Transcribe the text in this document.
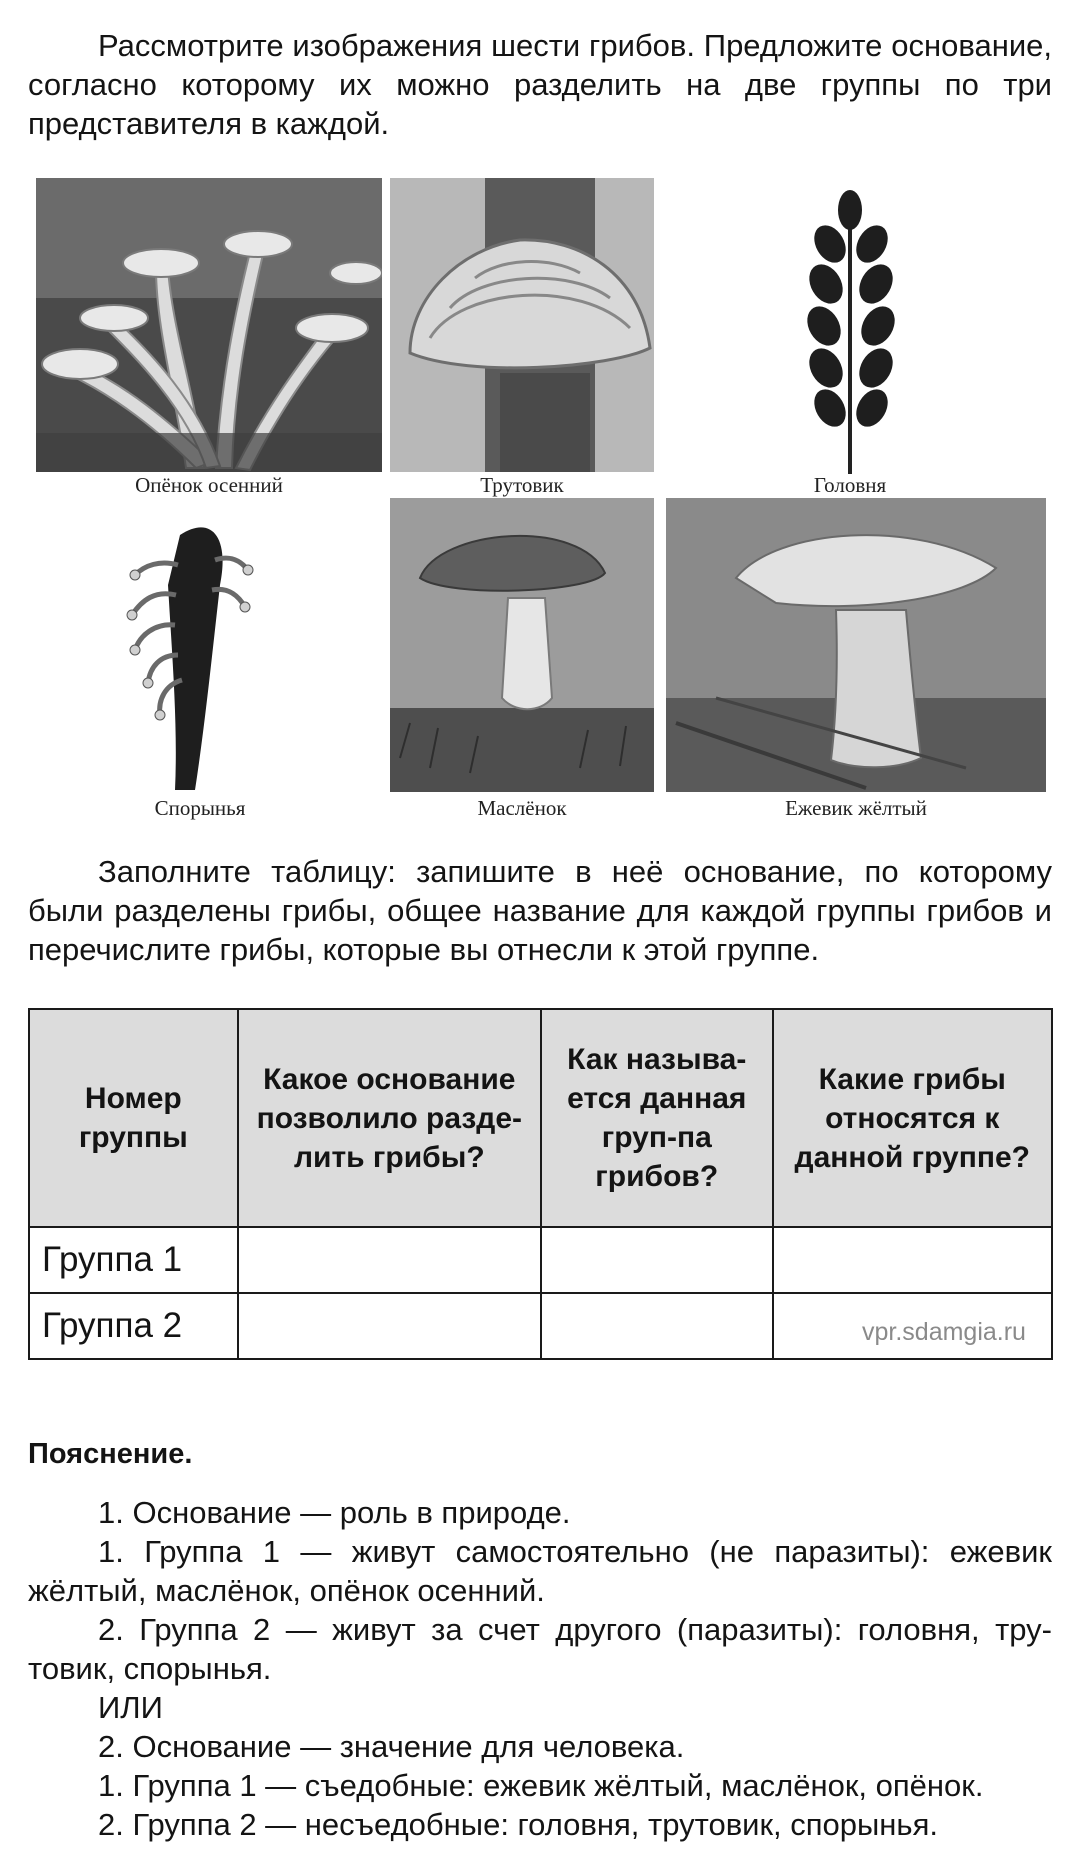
Рассмотрите изображения шести грибов. Предложите основание, согласно которому их можно разделить на две группы по три представителя в каждой.

Опёнок осенний	Трутовик	Головня
Спорынья	Маслёнок	Ежевик жёлтый

Заполните таблицу: запишите в неё основание, по которому были разделены грибы, общее название для каждой группы грибов и перечислите грибы, которые вы отнесли к этой группе.

Номер группы	Какое основание позволило разде-лить грибы?	Как называ-ется данная груп-па грибов?	Какие грибы относятся к данной группе?
Группа 1			
Группа 2				vpr.sdamgia.ru
Пояснение.

1. Основание — роль в природе.

1. Группа 1 — живут самостоятельно (не паразиты): ежевик

жёлтый, маслёнок, опёнок осенний.

2. Группа 2 — живут за счет другого (паразиты): головня, тру-

товик, спорынья.

ИЛИ

2. Основание — значение для человека.

1. Группа 1 — съедобные: ежевик жёлтый, маслёнок, опёнок.

2. Группа 2 — несъедобные: головня, трутовик, спорынья.
